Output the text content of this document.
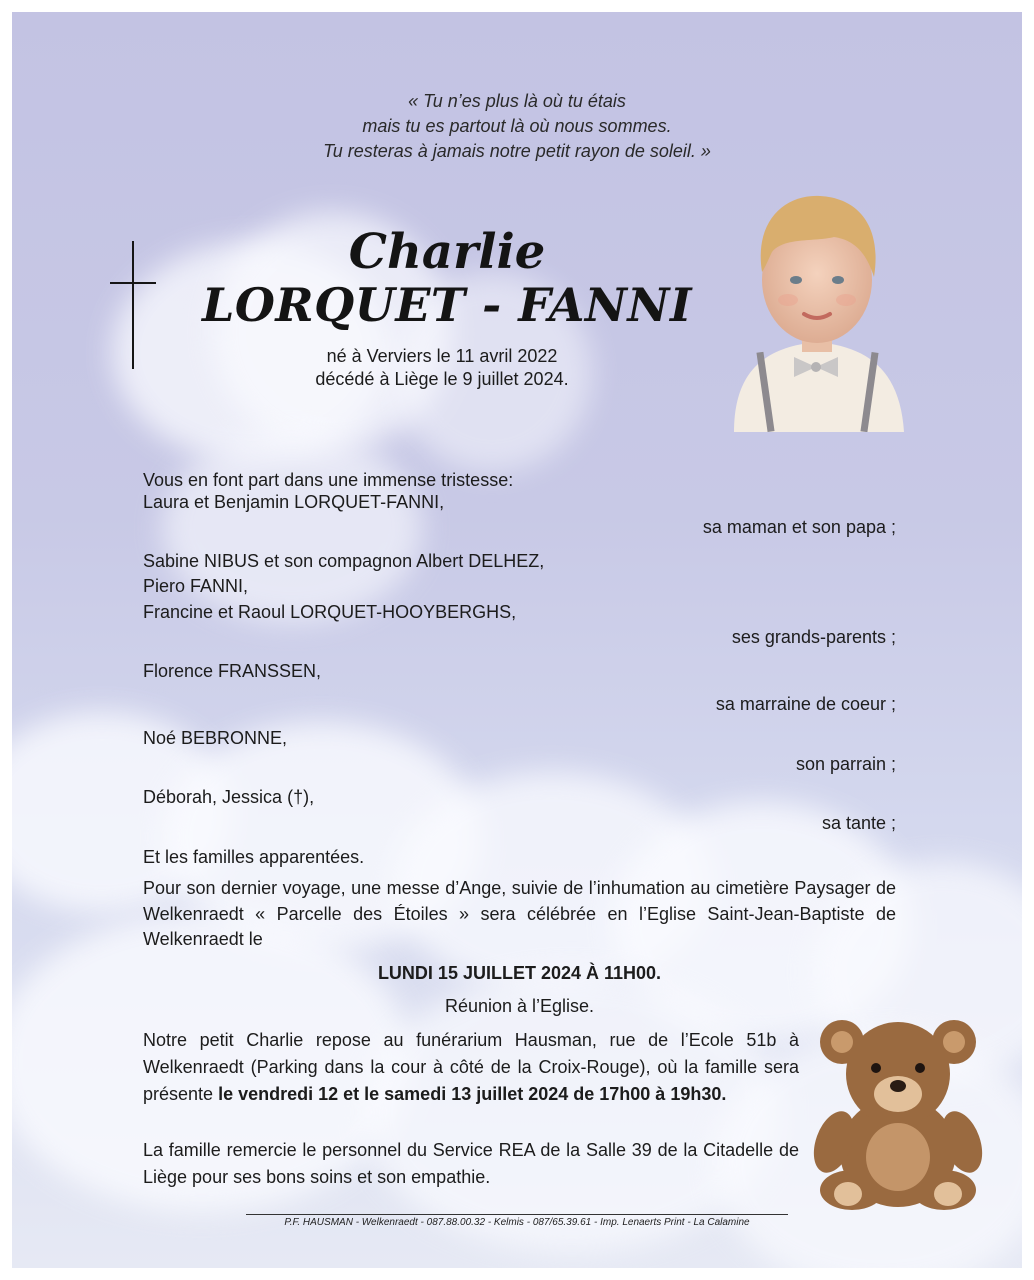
« Tu n’es plus là où tu étais
mais tu es partout là où nous sommes.
Tu resteras à jamais notre petit rayon de soleil. »
Charlie
LORQUET - FANNI
né à Verviers le 11 avril 2022
décédé à Liège le 9 juillet 2024.
Vous en font part dans une immense tristesse:
Laura et Benjamin LORQUET-FANNI,
sa maman et son papa ;
Sabine NIBUS et son compagnon Albert DELHEZ,
Piero FANNI,
Francine et Raoul LORQUET-HOOYBERGHS,
ses grands-parents ;
Florence FRANSSEN,
sa marraine de coeur ;
Noé BEBRONNE,
son parrain ;
Déborah, Jessica (†),
sa tante ;
Et les familles apparentées.
Pour son dernier voyage, une messe d’Ange, suivie de l’inhumation au cimetière Paysager de Welkenraedt « Parcelle des Étoiles » sera célébrée en l’Eglise Saint-Jean-Baptiste de Welkenraedt le
LUNDI 15 JUILLET 2024 À 11H00.
Réunion à l’Eglise.
Notre petit Charlie repose au funérarium Hausman, rue de l’Ecole 51b à Welkenraedt (Parking dans la cour à côté de la Croix-Rouge), où la famille sera présente le vendredi 12 et le samedi 13 juillet 2024 de 17h00 à 19h30.
La famille remercie le personnel du Service REA de la Salle 39 de la Citadelle de Liège pour ses bons soins et son empathie.
P.F. HAUSMAN - Welkenraedt - 087.88.00.32 - Kelmis - 087/65.39.61 - Imp. Lenaerts Print - La Calamine
